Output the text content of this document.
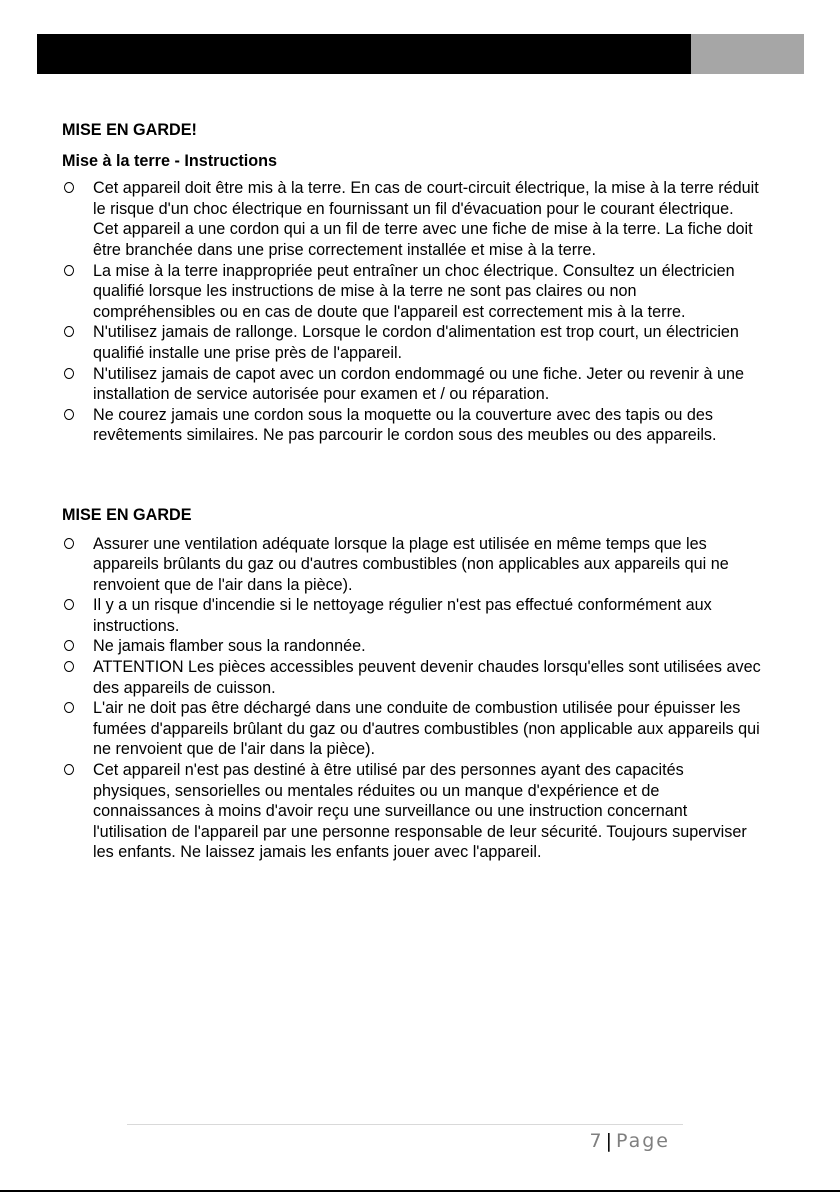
MISE EN GARDE!

Mise à la terre - Instructions

Cet appareil doit être mis à la terre. En cas de court-circuit électrique, la mise à la terre réduit le risque d'un choc électrique en fournissant un fil d'évacuation pour le courant électrique. Cet appareil a une cordon qui a un fil de terre avec une fiche de mise à la terre. La fiche doit être branchée dans une prise correctement installée et mise à la terre.
La mise à la terre inappropriée peut entraîner un choc électrique. Consultez un électricien qualifié lorsque les instructions de mise à la terre ne sont pas claires ou non compréhensibles ou en cas de doute que l'appareil est correctement mis à la terre.
N'utilisez jamais de rallonge. Lorsque le cordon d'alimentation est trop court, un électricien qualifié installe une prise près de l'appareil.
N'utilisez jamais de capot avec un cordon endommagé ou une fiche. Jeter ou revenir à une installation de service autorisée pour examen et / ou réparation.
Ne courez jamais une cordon sous la moquette ou la couverture avec des tapis ou des revêtements similaires. Ne pas parcourir le cordon sous des meubles ou des appareils.

MISE EN GARDE

Assurer une ventilation adéquate lorsque la plage est utilisée en même temps que les appareils brûlants du gaz ou d'autres combustibles (non applicables aux appareils qui ne renvoient que de l'air dans la pièce).
Il y a un risque d'incendie si le nettoyage régulier n'est pas effectué conformément aux instructions.
Ne jamais flamber sous la randonnée.
ATTENTION Les pièces accessibles peuvent devenir chaudes lorsqu'elles sont utilisées avec des appareils de cuisson.
L'air ne doit pas être déchargé dans une conduite de combustion utilisée pour épuisser les fumées d'appareils brûlant du gaz ou d'autres combustibles (non applicable aux appareils qui ne renvoient que de l'air dans la pièce).
Cet appareil n'est pas destiné à être utilisé par des personnes ayant des capacités physiques, sensorielles ou mentales réduites ou un manque d'expérience et de connaissances à moins d'avoir reçu une surveillance ou une instruction concernant l'utilisation de l'appareil par une personne responsable de leur sécurité. Toujours superviser les enfants. Ne laissez jamais les enfants jouer avec l'appareil.
7 | Page
